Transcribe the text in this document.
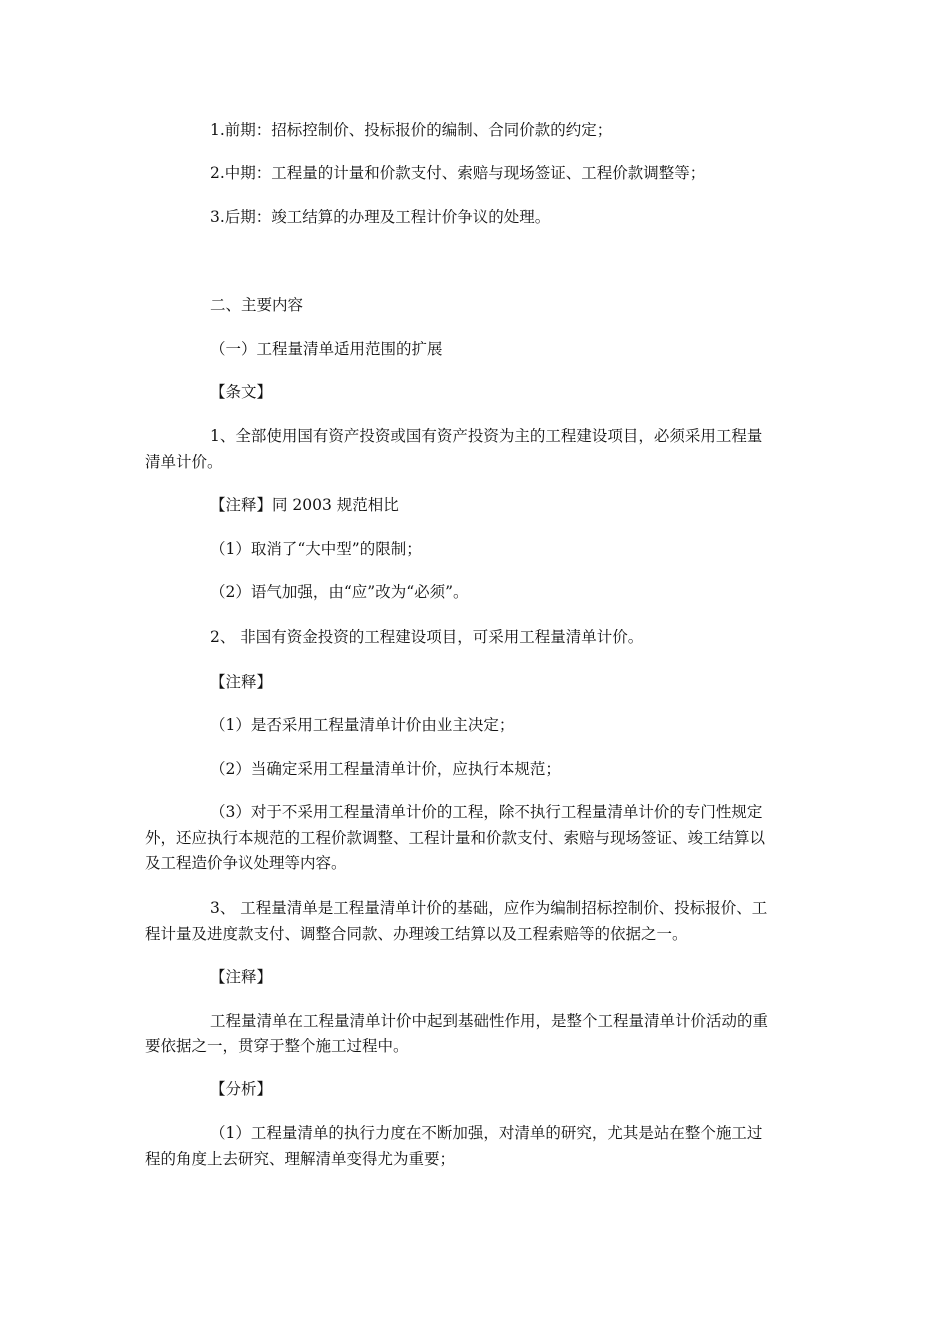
1.前期：招标控制价、投标报价的编制、合同价款的约定；
2.中期：工程量的计量和价款支付、索赔与现场签证、工程价款调整等；
3.后期：竣工结算的办理及工程计价争议的处理。
二、主要内容
（一）工程量清单适用范围的扩展
【条文】
1、全部使用国有资产投资或国有资产投资为主的工程建设项目，必须采用工程量
清单计价。
【注释】同 2003 规范相比
（1）取消了“大中型”的限制；
（2）语气加强，由“应”改为“必须”。
2、 非国有资金投资的工程建设项目，可采用工程量清单计价。
【注释】
（1）是否采用工程量清单计价由业主决定；
（2）当确定采用工程量清单计价，应执行本规范；
（3）对于不采用工程量清单计价的工程，除不执行工程量清单计价的专门性规定
外，还应执行本规范的工程价款调整、工程计量和价款支付、索赔与现场签证、竣工结算以
及工程造价争议处理等内容。
3、 工程量清单是工程量清单计价的基础，应作为编制招标控制价、投标报价、工
程计量及进度款支付、调整合同款、办理竣工结算以及工程索赔等的依据之一。
【注释】
工程量清单在工程量清单计价中起到基础性作用，是整个工程量清单计价活动的重
要依据之一，贯穿于整个施工过程中。
【分析】
（1）工程量清单的执行力度在不断加强，对清单的研究，尤其是站在整个施工过
程的角度上去研究、理解清单变得尤为重要；
